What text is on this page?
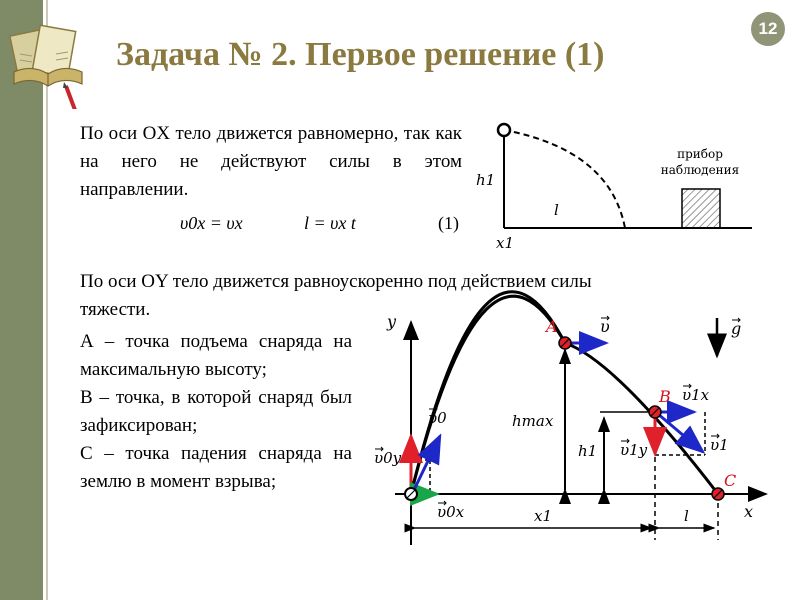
Задача № 2. Первое решение (1)
12
По оси OX тело движется равномерно, так как на него не действуют силы в этом направлении.
υ0x = υx	l = υx t	(1)
По оси OY тело движется равноускоренно под действием силы
тяжести.

А – точка подъема снаряда на максимальную высоту;

В – точка, в которой снаряд был зафиксирован;

С – точка падения снаряда на землю в момент взрыва;

h1
x1
l
прибор
наблюдения
y
x
A
B
C
υ	g
υ1x
υ1
υ1y
υ0
υ0y
υ0x
hmax
h1
x1	l
